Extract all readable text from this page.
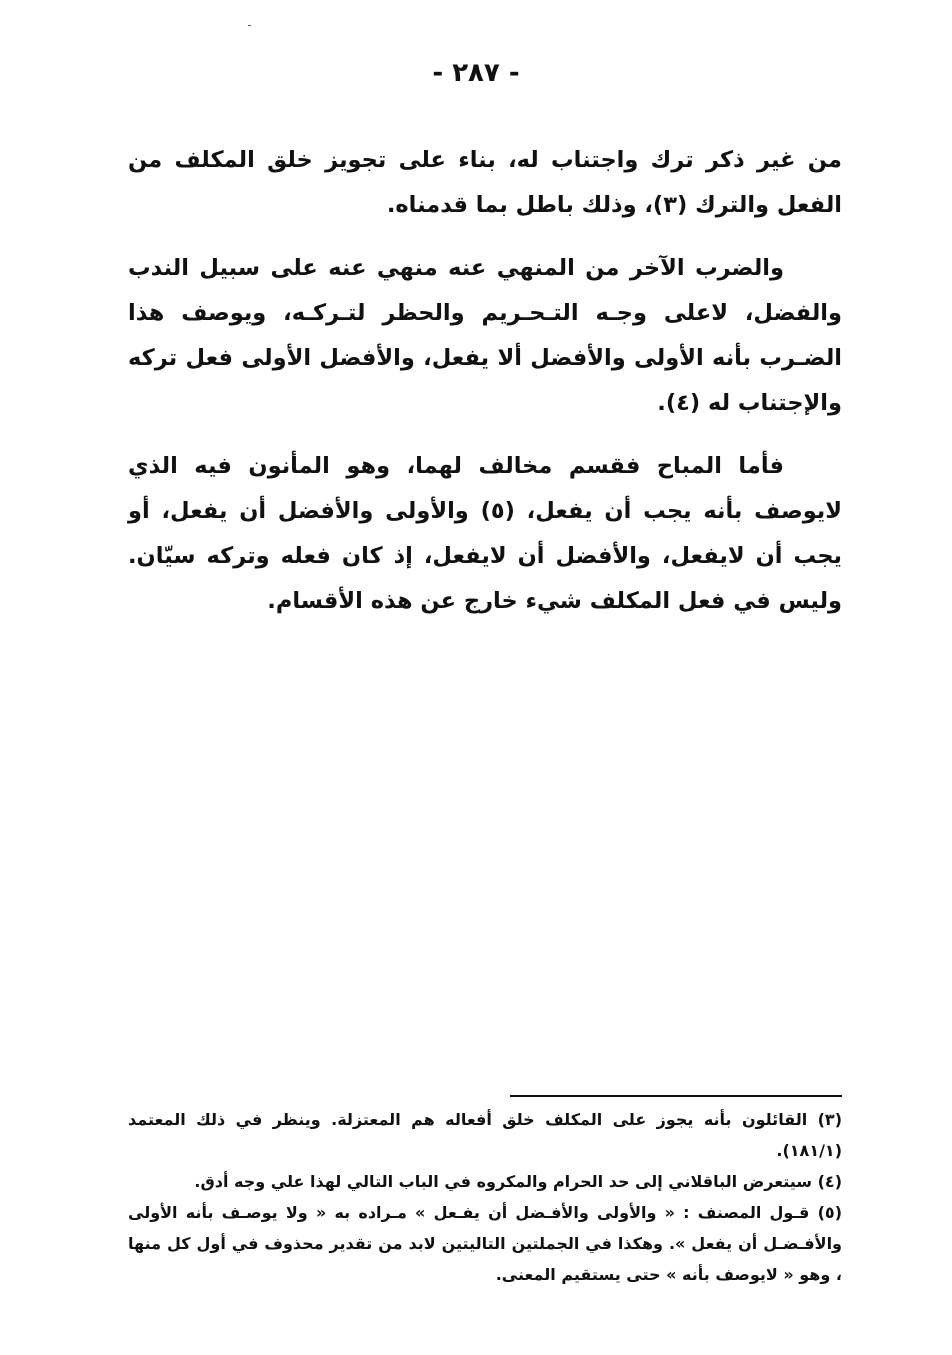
ـ
- ٢٨٧ -

من غير ذكر ترك واجتناب له، بناء على تجويز خلق المكلف من الفعل والترك (٣)، وذلك باطل بما قدمناه.

والضرب الآخر من المنهي عنه منهي عنه على سبيل الندب والفضل، لاعلى وجـه التـحـريم والحظر لتـركـه، ويوصف هذا الضـرب بأنه الأولى والأفضل ألا يفعل، والأفضل الأولى فعل تركه والإجتناب له (٤).

فأما المباح فقسم مخالف لهما، وهو المأنون فيه الذي لايوصف بأنه يجب أن يفعل، (٥) والأولى والأفضل أن يفعل، أو يجب أن لايفعل، والأفضل أن لايفعل، إذ كان فعله وتركه سيّان. وليس في فعل المكلف شيء خارج عن هذه الأقسام.

(٣) القائلون بأنه يجوز على المكلف خلق أفعاله هم المعتزلة. وينظر في ذلك المعتمد (١٨١/١).

(٤) سيتعرض الباقلاني إلى حد الحرام والمكروه في الباب التالي لهذا علي وجه أدق.

(٥) قـول المصنف : « والأولى والأفـضل أن يفـعل » مـراده به « ولا يوصـف بأنه الأولى والأفـضـل أن يفعل ». وهكذا في الجملتين التاليتين لابد من تقدير محذوف في أول كل منها ، وهو « لايوصف بأنه » حتى يستقيم المعنى.
